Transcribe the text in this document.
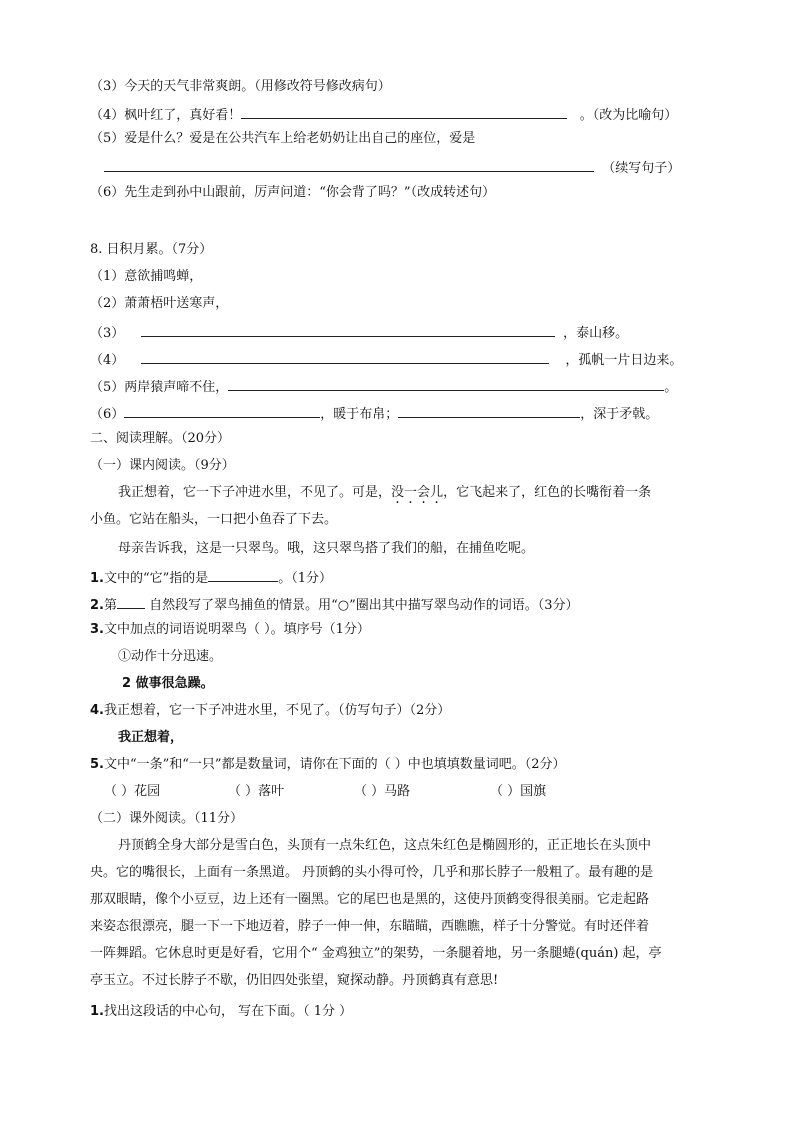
（3）今天的天气非常爽朗。（用修改符号修改病句）
（4）枫叶红了，真好看！	。（改为比喻句）
（5）爱是什么？爱是在公共汽车上给老奶奶让出自己的座位，爱是
（续写句子）
（6）先生走到孙中山跟前，厉声问道：“你会背了吗？”（改成转述句）
8. 日积月累。（7分）
（1）意欲捕鸣蝉，
（2）萧萧梧叶送寒声，
（3）	，泰山移。
（4）	，孤帆一片日边来。
（5）两岸猿声啼不住，	。
（6）	，暖于布帛；	，深于矛戟。
二、阅读理解。（20分）
（一）课内阅读。（9分）
我正想着，它一下子冲进水里，不见了。可是，没一会儿，它飞起来了，红色的长嘴衔着一条
小鱼。它站在船头，一口把小鱼吞了下去。
母亲告诉我，这是一只翠鸟。哦，这只翠鸟搭了我们的船，在捕鱼吃呢。
1.文中的“它”指的是	。（1分）
2.第 自然段写了翠鸟捕鱼的情景。用“○”圈出其中描写翠鸟动作的词语。（3分）
3.文中加点的词语说明翠鸟（ ）。填序号（1分）
①动作十分迅速。
2 做事很急躁。
4.我正想着，它一下子冲进水里，不见了。（仿写句子）（2分）
我正想着，
5.文中“一条”和“一只”都是数量词，请你在下面的（ ）中也填填数量词吧。（2分）
（ ）花园	（ ）落叶	（ ）马路	（ ）国旗
（二）课外阅读。（11分）
丹顶鹤全身大部分是雪白色，头顶有一点朱红色，这点朱红色是椭圆形的，正正地长在头顶中
央。它的嘴很长，上面有一条黑道。 丹顶鹤的头小得可怜，几乎和那长脖子一般粗了。最有趣的是
那双眼睛，像个小豆豆，边上还有一圈黑。它的尾巴也是黑的，这使丹顶鹤变得很美丽。它走起路
来姿态很漂亮，腿一下一下地迈着，脖子一伸一伸，东瞄瞄，西瞧瞧，样子十分警觉。有时还伴着
一阵舞蹈。它休息时更是好看，它用个“ 金鸡独立”的架势，一条腿着地，另一条腿蜷(quán) 起，亭
亭玉立。不过长脖子不歇，仍旧四处张望，窥探动静。丹顶鹤真有意思!
1.找出这段话的中心句， 写在下面。（ 1分 ）
